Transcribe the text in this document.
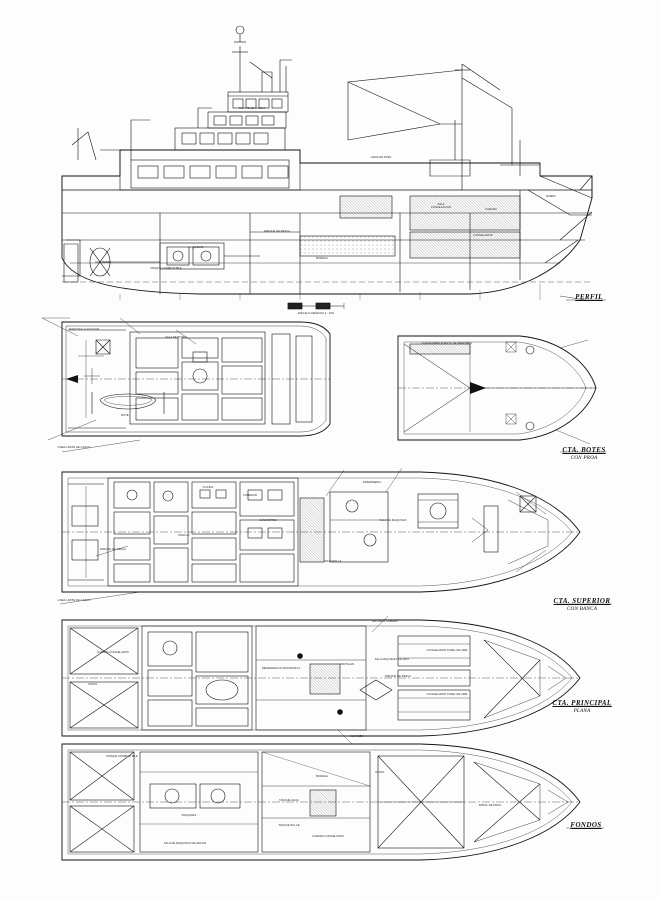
PERFIL
CTA. BOTES
CON PROA
CTA. SUPERIOR
CON BANCA
CTA. PRINCIPAL
PLANA
FONDOS
ESCALA GRAFICA 1 : 100
GRUA DE POPA
SALA
CONGELACION
PARQUE DE PESCA
CAMARA
CONGELADOR
BODEGA
TANQUE COMBUSTIBLE
MAQUINAS
PANOL
PUENTE DE MANDO
RAMPA
MAQUINILLA AUXILIAR
SALA DE BOTES
BOTE
PLATAFORMA PUESTO DE MANIOBRA
LINEA LIMITE DE CASCO
PARQUE DE PESCA
COCINA
COMEDOR
CAMAROTES
ENFERMERIA
SALA DE MAQUINAS
MAQUINILLA
PASILLO
LINEA LIMITE DE CASCO
CONGELADOR TUNEL DE AIRE
CONGELADOR TUNEL DE AIRE
PARQUE DE PESCA
SALA MAQUINAS DE FRIO
DEPENDENCIA FRIGORIFICA
PANTALAN
CAMARA CONGELADOS
PANOL
ALMACEN
ENTRADA CAMARA
TANQUE COMBUSTIBLE
MAQUINAS
BODEGA
PANOL
TANQUE AGUA
TANQUE DULCE
CAMARA CONGELADOS
PANOL DE PROA
SALA DE MAQUINAS DE HELICE
